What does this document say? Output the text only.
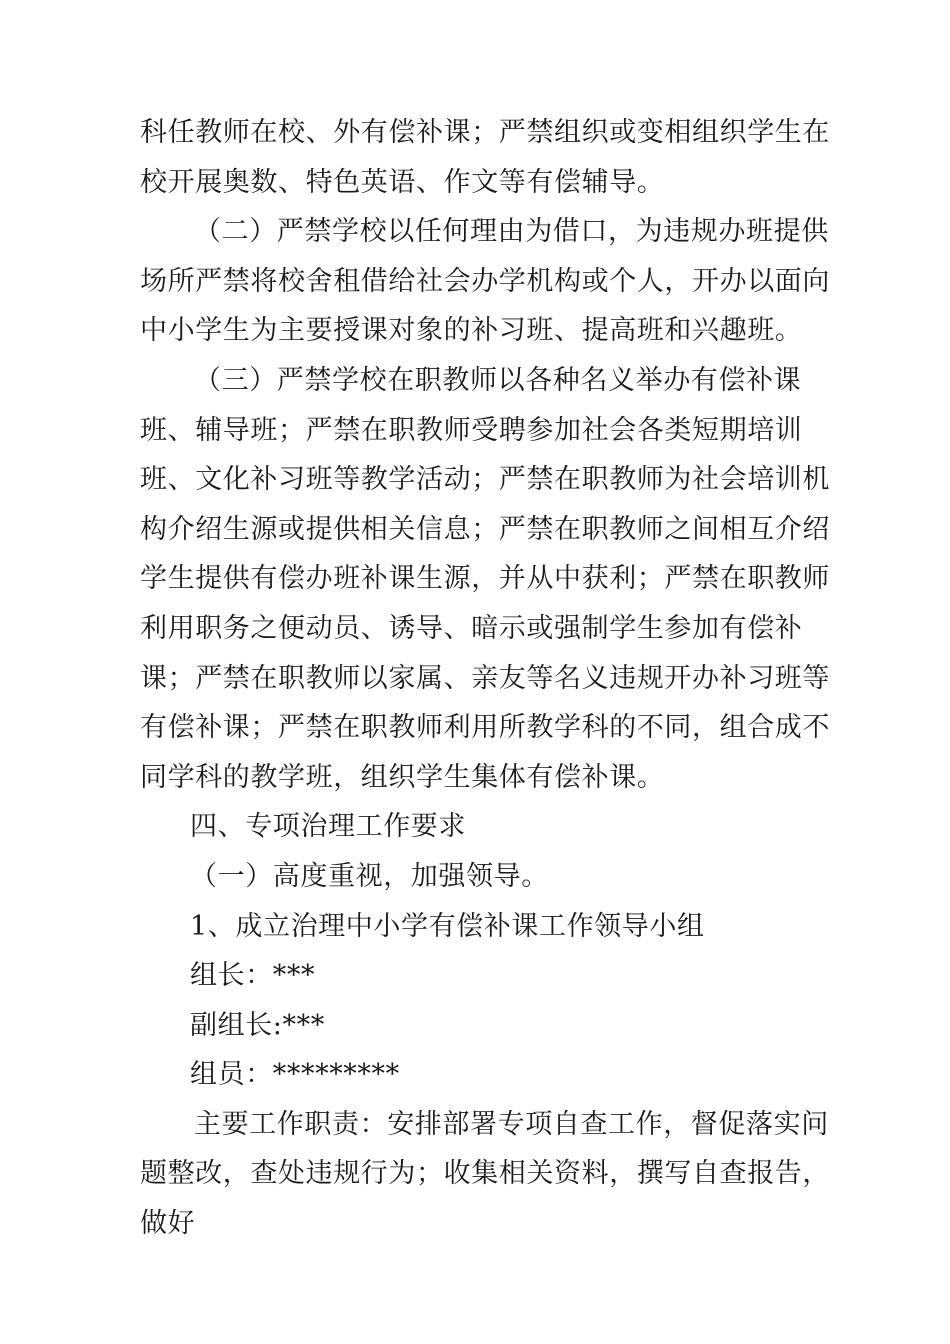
科任教师在校、外有偿补课；严禁组织或变相组织学生在校开展奥数、特色英语、作文等有偿辅导。

（二）严禁学校以任何理由为借口，为违规办班提供场所严禁将校舍租借给社会办学机构或个人，开办以面向中小学生为主要授课对象的补习班、提高班和兴趣班。

（三）严禁学校在职教师以各种名义举办有偿补课班、辅导班；严禁在职教师受聘参加社会各类短期培训班、文化补习班等教学活动；严禁在职教师为社会培训机构介绍生源或提供相关信息；严禁在职教师之间相互介绍学生提供有偿办班补课生源，并从中获利；严禁在职教师利用职务之便动员、诱导、暗示或强制学生参加有偿补课；严禁在职教师以家属、亲友等名义违规开办补习班等有偿补课；严禁在职教师利用所教学科的不同，组合成不同学科的教学班，组织学生集体有偿补课。

四、专项治理工作要求

（一）高度重视，加强领导。

1、成立治理中小学有偿补课工作领导小组

组长：***

副组长:***

组员：*********

主要工作职责：安排部署专项自查工作，督促落实问题整改，查处违规行为；收集相关资料，撰写自查报告，做好
